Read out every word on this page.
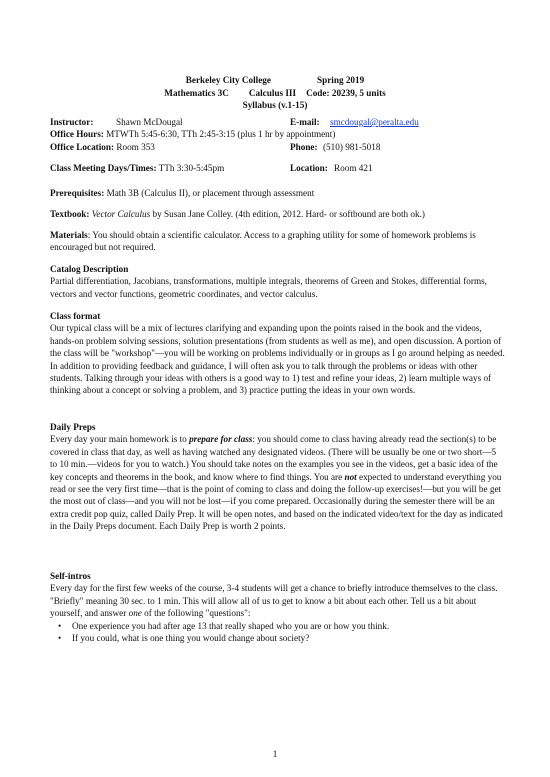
Berkeley City College	Spring 2019
Mathematics 3C Calculus III Code: 20239, 5 units
Syllabus (v.1-15)
Instructor: Shawn McDougal	E-mail: smcdougal@peralta.edu
Office Hours: MTWTh 5:45-6:30, TTh 2:45-3:15 (plus 1 hr by appointment)
Office Location: Room 353	Phone: (510) 981-5018
Class Meeting Days/Times: TTh 3:30-5:45pm	Location: Room 421

Prerequisites: Math 3B (Calculus II), or placement through assessment

Textbook: Vector Calculus by Susan Jane Colley. (4th edition, 2012. Hard- or softbound are both ok.)

Materials: You should obtain a scientific calculator. Access to a graphing utility for some of homework problems is encouraged but not required.

Catalog Description

Partial differentiation, Jacobians, transformations, multiple integrals, theorems of Green and Stokes, differential forms, vectors and vector functions, geometric coordinates, and vector calculus.

Class format

Our typical class will be a mix of lectures clarifying and expanding upon the points raised in the book and the videos, hands-on problem solving sessions, solution presentations (from students as well as me), and open discussion. A portion of the class will be "workshop"—you will be working on problems individually or in groups as I go around helping as needed. In addition to providing feedback and guidance, I will often ask you to talk through the problems or ideas with other students. Talking through your ideas with others is a good way to 1) test and refine your ideas, 2) learn multiple ways of thinking about a concept or solving a problem, and 3) practice putting the ideas in your own words.

Daily Preps

Every day your main homework is to prepare for class: you should come to class having already read the section(s) to be covered in class that day, as well as having watched any designated videos. (There will be usually be one or two short—5 to 10 min.—videos for you to watch.) You should take notes on the examples you see in the videos, get a basic idea of the key concepts and theorems in the book, and know where to find things. You are not expected to understand everything you read or see the very first time—that is the point of coming to class and doing the follow-up exercises!—but you will be get the most out of class—and you will not be lost—if you come prepared. Occasionally during the semester there will be an extra credit pop quiz, called Daily Prep. It will be open notes, and based on the indicated video/text for the day as indicated in the Daily Preps document. Each Daily Prep is worth 2 points.

Self-intros

Every day for the first few weeks of the course, 3-4 students will get a chance to briefly introduce themselves to the class. "Briefly" meaning 30 sec. to 1 min. This will allow all of us to get to know a bit about each other. Tell us a bit about yourself, and answer one of the following "questions":

• One experience you had after age 13 that really shaped who you are or how you think.
• If you could, what is one thing you would change about society?
1
